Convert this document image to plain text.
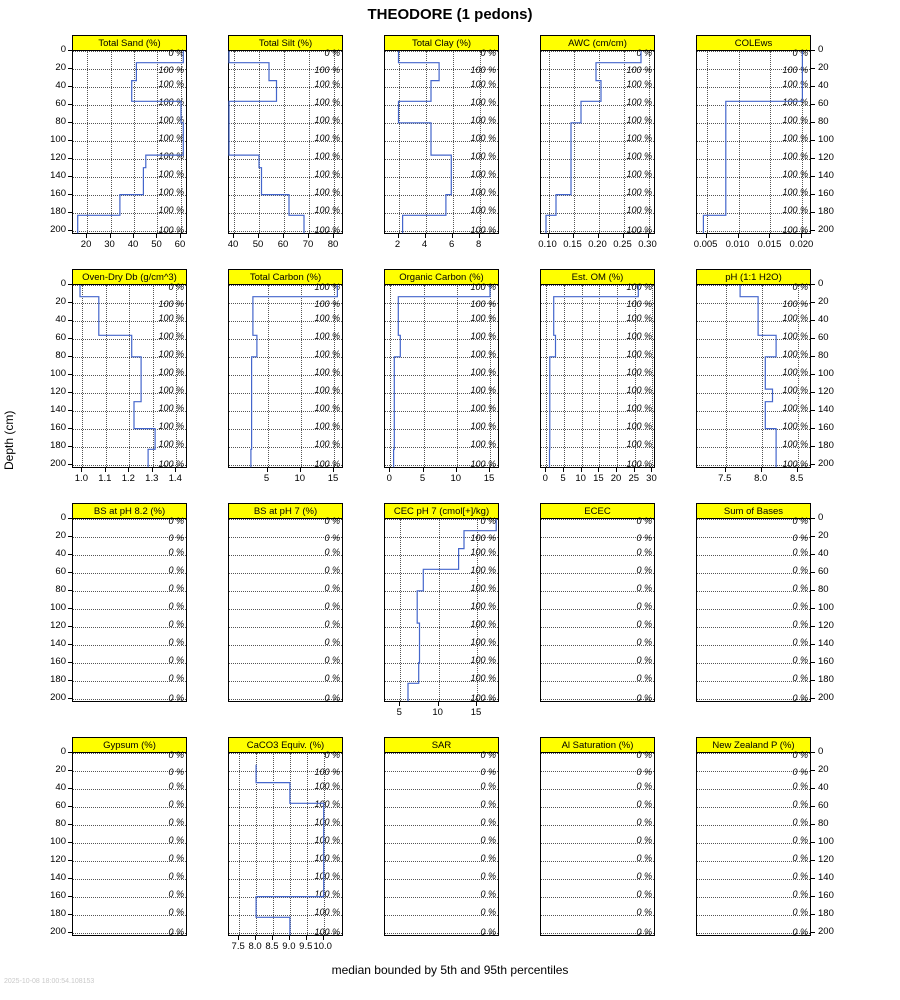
THEODORE (1 pedons)
Depth (cm)
median bounded by 5th and 95th percentiles
2025-10-08 18:00:54.108153
20	30	40	50	60
0
20
40
60
80
100
120
140
160
180
200
Total Sand (%)
0 %
100 %
100 %
100 %
100 %
100 %
100 %
100 %
100 %
100 %
100 %
40	50	60	70	80
Total Silt (%)
0 %
100 %
100 %
100 %
100 %
100 %
100 %
100 %
100 %
100 %
100 %
2	4	6	8
Total Clay (%)
0 %
100 %
100 %
100 %
100 %
100 %
100 %
100 %
100 %
100 %
100 %
0.10 0.15 0.20 0.25 0.30
AWC (cm/cm)
0 %
100 %
100 %
100 %
100 %
100 %
100 %
100 %
100 %
100 %
100 %
0.005 0.010 0.015 0.020
0
20
40
60
80
100
120
140
160
180
200
COLEws
0 %
100 %
100 %
100 %
100 %
100 %
100 %
100 %
100 %
100 %
100 %
1.0	1.1	1.2	1.3	1.4
0
20
40
60
80
100
120
140
160
180
200
Oven-Dry Db (g/cm^3)
0 %
100 %
100 %
100 %
100 %
100 %
100 %
100 %
100 %
100 %
100 %
5	10	15
Total Carbon (%)
100 %
100 %
100 %
100 %
100 %
100 %
100 %
100 %
100 %
100 %
100 %
0	5	10	15
Organic Carbon (%)
100 %
100 %
100 %
100 %
100 %
100 %
100 %
100 %
100 %
100 %
100 %
0	5	10 15 20 25 30
Est. OM (%)
100 %
100 %
100 %
100 %
100 %
100 %
100 %
100 %
100 %
100 %
100 %
7.5	8.0	8.5
0
20
40
60
80
100
120
140
160
180
200
pH (1:1 H2O)
0 %
100 %
100 %
100 %
100 %
100 %
100 %
100 %
100 %
100 %
100 %
0
20
40
60
80
100
120
140
160
180
200
BS at pH 8.2 (%)
0 %
0 %
0 %
0 %
0 %
0 %
0 %
0 %
0 %
0 %
0 %
BS at pH 7 (%)
0 %
0 %
0 %
0 %
0 %
0 %
0 %
0 %
0 %
0 %
0 %
5	10	15
CEC pH 7 (cmol[+]/kg)
0 %
100 %
100 %
100 %
100 %
100 %
100 %
100 %
100 %
100 %
100 %
ECEC
0 %
0 %
0 %
0 %
0 %
0 %
0 %
0 %
0 %
0 %
0 %
0
20
40
60
80
100
120
140
160
180
200
Sum of Bases
0 %
0 %
0 %
0 %
0 %
0 %
0 %
0 %
0 %
0 %
0 %
0
20
40
60
80
100
120
140
160
180
200
Gypsum (%)
0 %
0 %
0 %
0 %
0 %
0 %
0 %
0 %
0 %
0 %
0 %
7.5 8.0 8.5 9.0 9.5 10.0
CaCO3 Equiv. (%)
0 %
100 %
100 %
100 %
100 %
100 %
100 %
100 %
100 %
100 %
100 %
SAR
0 %
0 %
0 %
0 %
0 %
0 %
0 %
0 %
0 %
0 %
0 %
Al Saturation (%)
0 %
0 %
0 %
0 %
0 %
0 %
0 %
0 %
0 %
0 %
0 %
0
20
40
60
80
100
120
140
160
180
200
New Zealand P (%)
0 %
0 %
0 %
0 %
0 %
0 %
0 %
0 %
0 %
0 %
0 %
